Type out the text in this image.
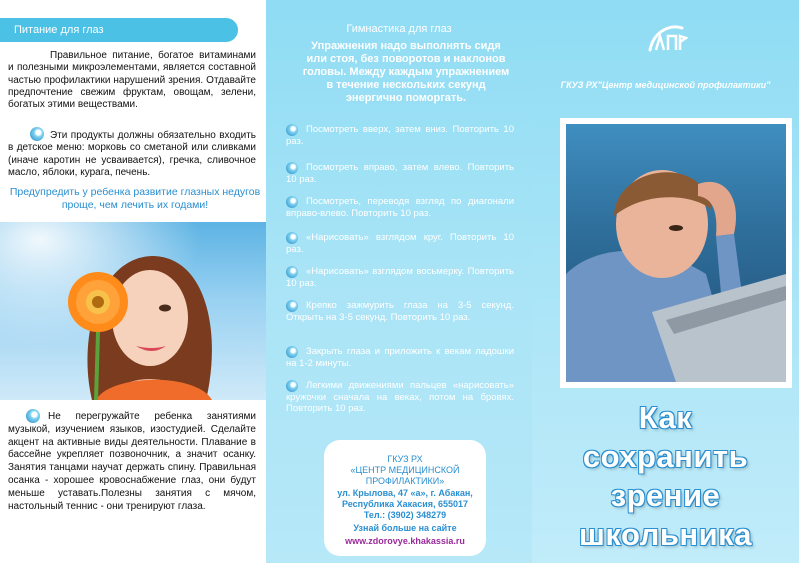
Питание для глаз
Правильное питание, богатое витаминами и полезными микроэлементами, является составной частью профилактики нарушений зрения. Отдавайте предпочтение свежим фруктам, овощам, зелени, богатых этими веществами.
Эти продукты должны обязательно входить в детское меню: морковь со сметаной или сливками (иначе каротин не усваивается), гречка, сливочное масло, яблоки, курага, печень.
Предупредить у ребенка развитие глазных недугов проще, чем лечить их годами!
Не перегружайте ребенка занятиями музыкой, изучением языков, изостудией. Сделайте акцент на активные виды деятельности. Плавание в бассейне укрепляет позвоночник, а значит осанку. Занятия танцами научат держать спину. Правильная осанка - хорошее кровоснабжение глаз, они будут меньше уставать.Полезны занятия с мячом, настольный теннис - они тренируют глаза.
Гимнастика для глаз
Упражнения надо выполнять сидя или стоя, без поворотов и наклонов головы. Между каждым упражнением в течение нескольких секунд энергично поморгать.
Посмотреть вверх, затем вниз. Повторить 10 раз.
Посмотреть вправо, затем влево. Повторить 10 раз.
Посмотреть, переводя взгляд по диагонали вправо-влево. Повторить 10 раз.
«Нарисовать» взглядом круг. Повторить 10 раз.
«Нарисовать» взглядом восьмерку. Повторить 10 раз.
Крепко зажмурить глаза на 3-5 секунд. Открыть на 3-5 секунд. Повторить 10 раз.
Закрыть глаза и приложить к векам ладошки на 1-2 минуты.
Легкими движениями пальцев «нарисовать» кружочки сначала на веках, потом на бровях. Повторить 10 раз.
ГКУЗ РХ
«ЦЕНТР МЕДИЦИНСКОЙ
ПРОФИЛАКТИКИ»
ул. Крылова, 47 «а», г. Абакан,
Республика Хакасия, 655017
Тел.: (3902) 348279
Узнай больше на сайте
www.zdorovye.khakassia.ru
ГКУЗ РХ"Центр медицинской профилактики"
Как
сохранить
зрение
школьника
